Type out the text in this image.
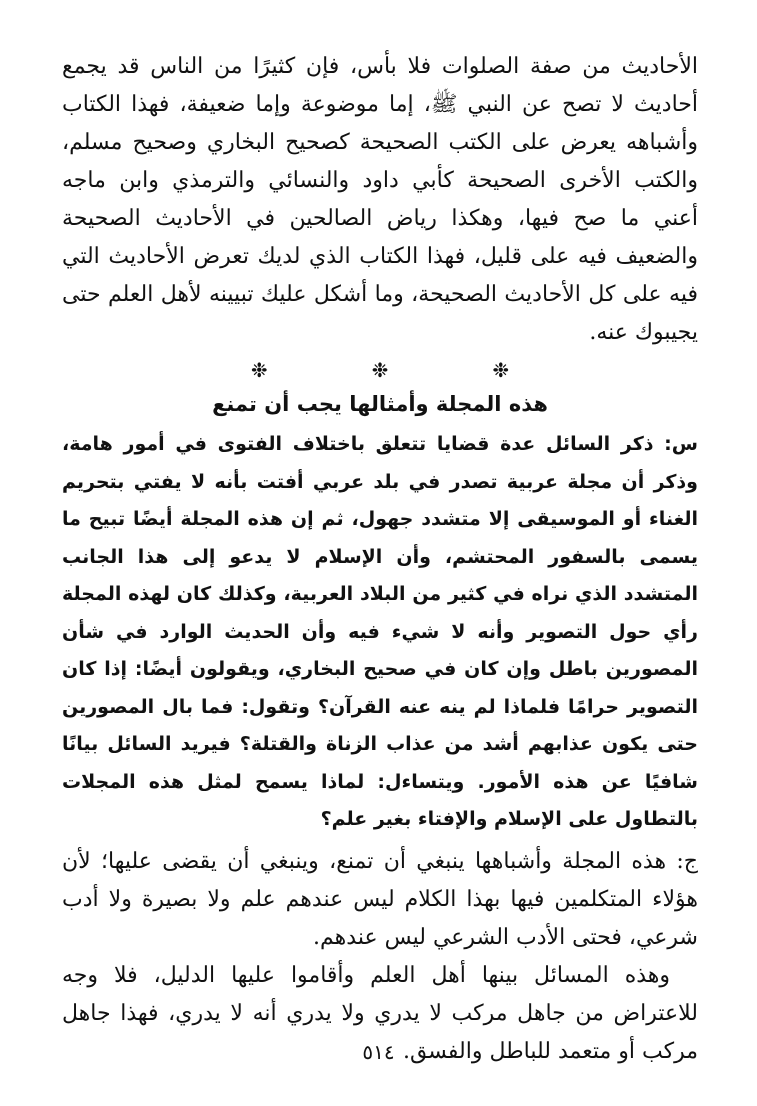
الأحاديث من صفة الصلوات فلا بأس، فإن كثيرًا من الناس قد يجمع أحاديث لا تصح عن النبي ﷺ، إما موضوعة وإما ضعيفة، فهذا الكتاب وأشباهه يعرض على الكتب الصحيحة كصحيح البخاري وصحيح مسلم، والكتب الأخرى الصحيحة كأبي داود والنسائي والترمذي وابن ماجه أعني ما صح فيها، وهكذا رياض الصالحين في الأحاديث الصحيحة والضعيف فيه على قليل، فهذا الكتاب الذي لديك تعرض الأحاديث التي فيه على كل الأحاديث الصحيحة، وما أشكل عليك تبيينه لأهل العلم حتى يجيبوك عنه.

❉❉❉
هذه المجلة وأمثالها يجب أن تمنع

س: ذكر السائل عدة قضايا تتعلق باختلاف الفتوى في أمور هامة، وذكر أن مجلة عربية تصدر في بلد عربي أفتت بأنه لا يفتي بتحريم الغناء أو الموسيقى إلا متشدد جهول، ثم إن هذه المجلة أيضًا تبيح ما يسمى بالسفور المحتشم، وأن الإسلام لا يدعو إلى هذا الجانب المتشدد الذي نراه في كثير من البلاد العربية، وكذلك كان لهذه المجلة رأي حول التصوير وأنه لا شيء فيه وأن الحديث الوارد في شأن المصورين باطل وإن كان في صحيح البخاري، ويقولون أيضًا: إذا كان التصوير حرامًا فلماذا لم ينه عنه القرآن؟ وتقول: فما بال المصورين حتى يكون عذابهم أشد من عذاب الزناة والقتلة؟ فيريد السائل بيانًا شافيًا عن هذه الأمور. ويتساءل: لماذا يسمح لمثل هذه المجلات بالتطاول على الإسلام والإفتاء بغير علم؟

ج: هذه المجلة وأشباهها ينبغي أن تمنع، وينبغي أن يقضى عليها؛ لأن هؤلاء المتكلمين فيها بهذا الكلام ليس عندهم علم ولا بصيرة ولا أدب شرعي، فحتى الأدب الشرعي ليس عندهم.

وهذه المسائل بينها أهل العلم وأقاموا عليها الدليل، فلا وجه للاعتراض من جاهل مركب لا يدري ولا يدري أنه لا يدري، فهذا جاهل مركب أو متعمد للباطل والفسق.

٥١٤
